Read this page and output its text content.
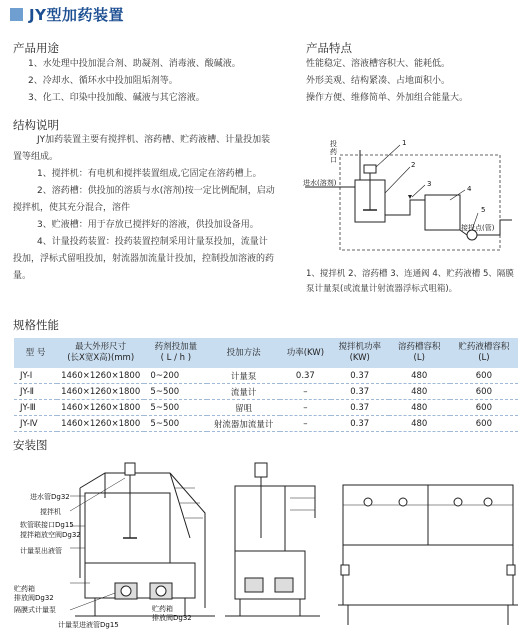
JY型加药装置
产品用途
1、水处理中投加混合剂、助凝剂、消毒液、酸碱液。
2、冷却水、循环水中投加阻垢剂等。
3、化工、印染中投加酸、碱液与其它溶液。
产品特点
性能稳定、溶液槽容积大、能耗低。
外形美观、结构紧凑、占地面积小。
操作方便、维修简单、外加组合能量大。
结构说明
JY加药装置主要有搅拌机、溶药槽、贮药液槽、计量投加装置等组成。
1、搅拌机：有电机和搅拌装置组成,它固定在溶药槽上。
2、溶药槽：供投加的溶质与水(溶剂)按一定比例配制，启动搅拌机，使其充分混合，溶件
3、贮液槽：用于存放已搅拌好的溶液，供投加设备用。
4、计量投药装置：投药装置控制采用计量泵投加，流量计投加，浮标式留咀投加，射流器加流量计投加，控制投加溶液的药量。
投药口
进水(溶剂)
1
2
3
4
5
接投点(管)
1、搅拌机 2、溶药槽 3、连通阀 4、贮药液槽 5、隔膜泵计量泵(或流量计射流器浮标式咀箱)。
规格性能
型 号	最大外形尺寸
(长X宽X高)(mm)	药剂投加量
( L / h )	投加方法	功率(KW)	搅拌机功率
(KW)	溶药槽容积
(L)	贮药液槽容积
(L)
JY-Ⅰ	1460×1260×1800	0~200	计量泵	0.37	0.37	480	600
JY-Ⅱ	1460×1260×1800	5~500	流量计	–	0.37	480	600
JY-Ⅲ	1460×1260×1800	5~500	留咀	–	0.37	480	600
JY-Ⅳ	1460×1260×1800	5~500	射流器加流量计	–	0.37	480	600
安装图
进水管Dg32
搅拌机
软管联接口Dg15
搅拌箱放空阀Dg32
计量泵出液管
贮药箱
排放阀Dg32
隔膜式计量泵
计量泵进液管Dg15
贮药箱
排放阀Dg32
